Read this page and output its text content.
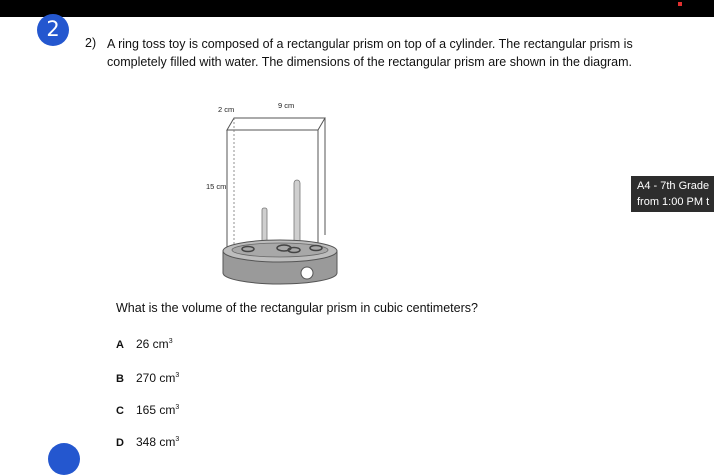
2
2) A ring toss toy is composed of a rectangular prism on top of a cylinder. The rectangular prism is completely filled with water. The dimensions of the rectangular prism are shown in the diagram.
2 cm	9 cm
15 cm
What is the volume of the rectangular prism in cubic centimeters?
A 26 $cm^3$
B 270 $cm^3$
C 165 $cm^3$
D 348 $cm^3$
A4 - 7th Grade
from 1:00 PM t
